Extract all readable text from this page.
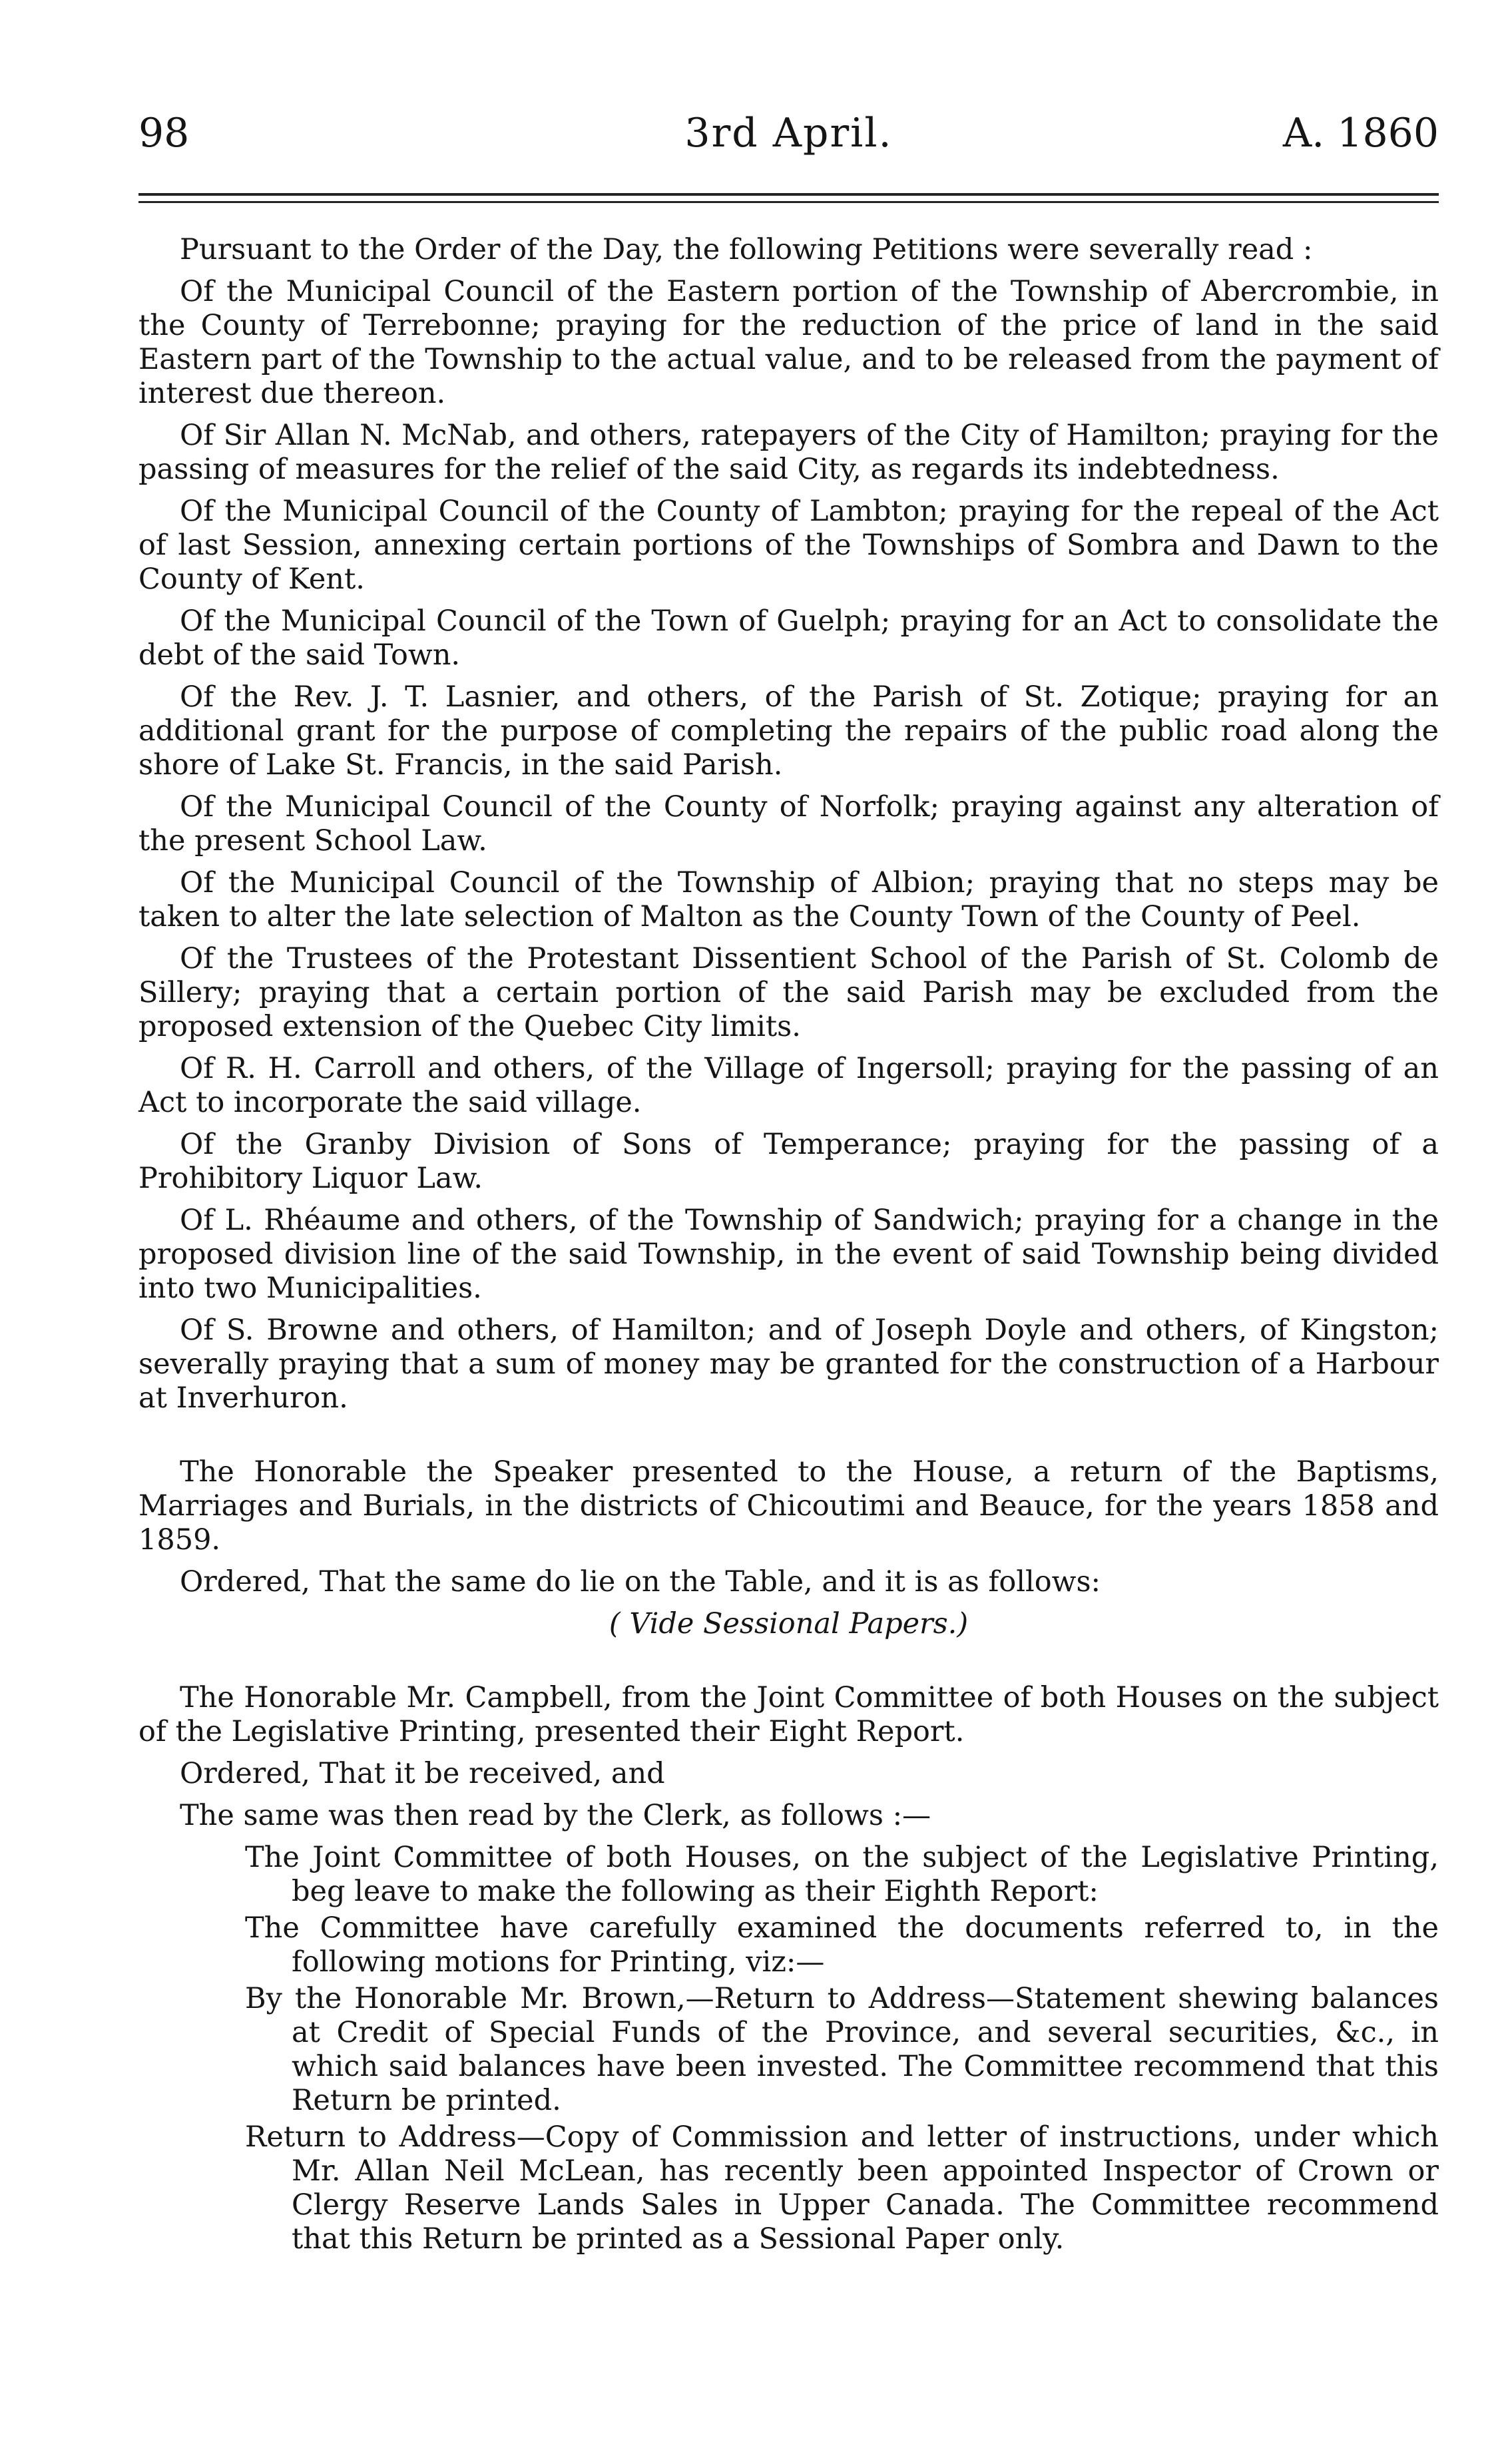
98	3rd April.	A. 1860

Pursuant to the Order of the Day, the following Petitions were severally read :

Of the Municipal Council of the Eastern portion of the Township of Abercrombie, in the County of Terrebonne; praying for the reduction of the price of land in the said Eastern part of the Township to the actual value, and to be released from the payment of interest due thereon.

Of Sir Allan N. McNab, and others, ratepayers of the City of Hamilton; praying for the passing of measures for the relief of the said City, as regards its indebtedness.

Of the Municipal Council of the County of Lambton; praying for the repeal of the Act of last Session, annexing certain portions of the Townships of Sombra and Dawn to the County of Kent.

Of the Municipal Council of the Town of Guelph; praying for an Act to consolidate the debt of the said Town.

Of the Rev. J. T. Lasnier, and others, of the Parish of St. Zotique; praying for an additional grant for the purpose of completing the repairs of the public road along the shore of Lake St. Francis, in the said Parish.

Of the Municipal Council of the County of Norfolk; praying against any alteration of the present School Law.

Of the Municipal Council of the Township of Albion; praying that no steps may be taken to alter the late selection of Malton as the County Town of the County of Peel.

Of the Trustees of the Protestant Dissentient School of the Parish of St. Colomb de Sillery; praying that a certain portion of the said Parish may be excluded from the proposed extension of the Quebec City limits.

Of R. H. Carroll and others, of the Village of Ingersoll; praying for the passing of an Act to incorporate the said village.

Of the Granby Division of Sons of Temperance; praying for the passing of a Prohibitory Liquor Law.

Of L. Rhéaume and others, of the Township of Sandwich; praying for a change in the proposed division line of the said Township, in the event of said Township being divided into two Municipalities.

Of S. Browne and others, of Hamilton; and of Joseph Doyle and others, of Kingston; severally praying that a sum of money may be granted for the construction of a Harbour at Inverhuron.

The Honorable the Speaker presented to the House, a return of the Baptisms, Marriages and Burials, in the districts of Chicoutimi and Beauce, for the years 1858 and 1859.

Ordered, That the same do lie on the Table, and it is as follows:

( Vide Sessional Papers.)

The Honorable Mr. Campbell, from the Joint Committee of both Houses on the subject of the Legislative Printing, presented their Eight Report.

Ordered, That it be received, and

The same was then read by the Clerk, as follows :—

The Joint Committee of both Houses, on the subject of the Legislative Printing, beg leave to make the following as their Eighth Report:

The Committee have carefully examined the documents referred to, in the following motions for Printing, viz:—

By the Honorable Mr. Brown,—Return to Address—Statement shewing balances at Credit of Special Funds of the Province, and several securities, &c., in which said balances have been invested. The Committee recommend that this Return be printed.

Return to Address—Copy of Commission and letter of instructions, under which Mr. Allan Neil McLean, has recently been appointed Inspector of Crown or Clergy Reserve Lands Sales in Upper Canada. The Committee recommend that this Return be printed as a Sessional Paper only.
